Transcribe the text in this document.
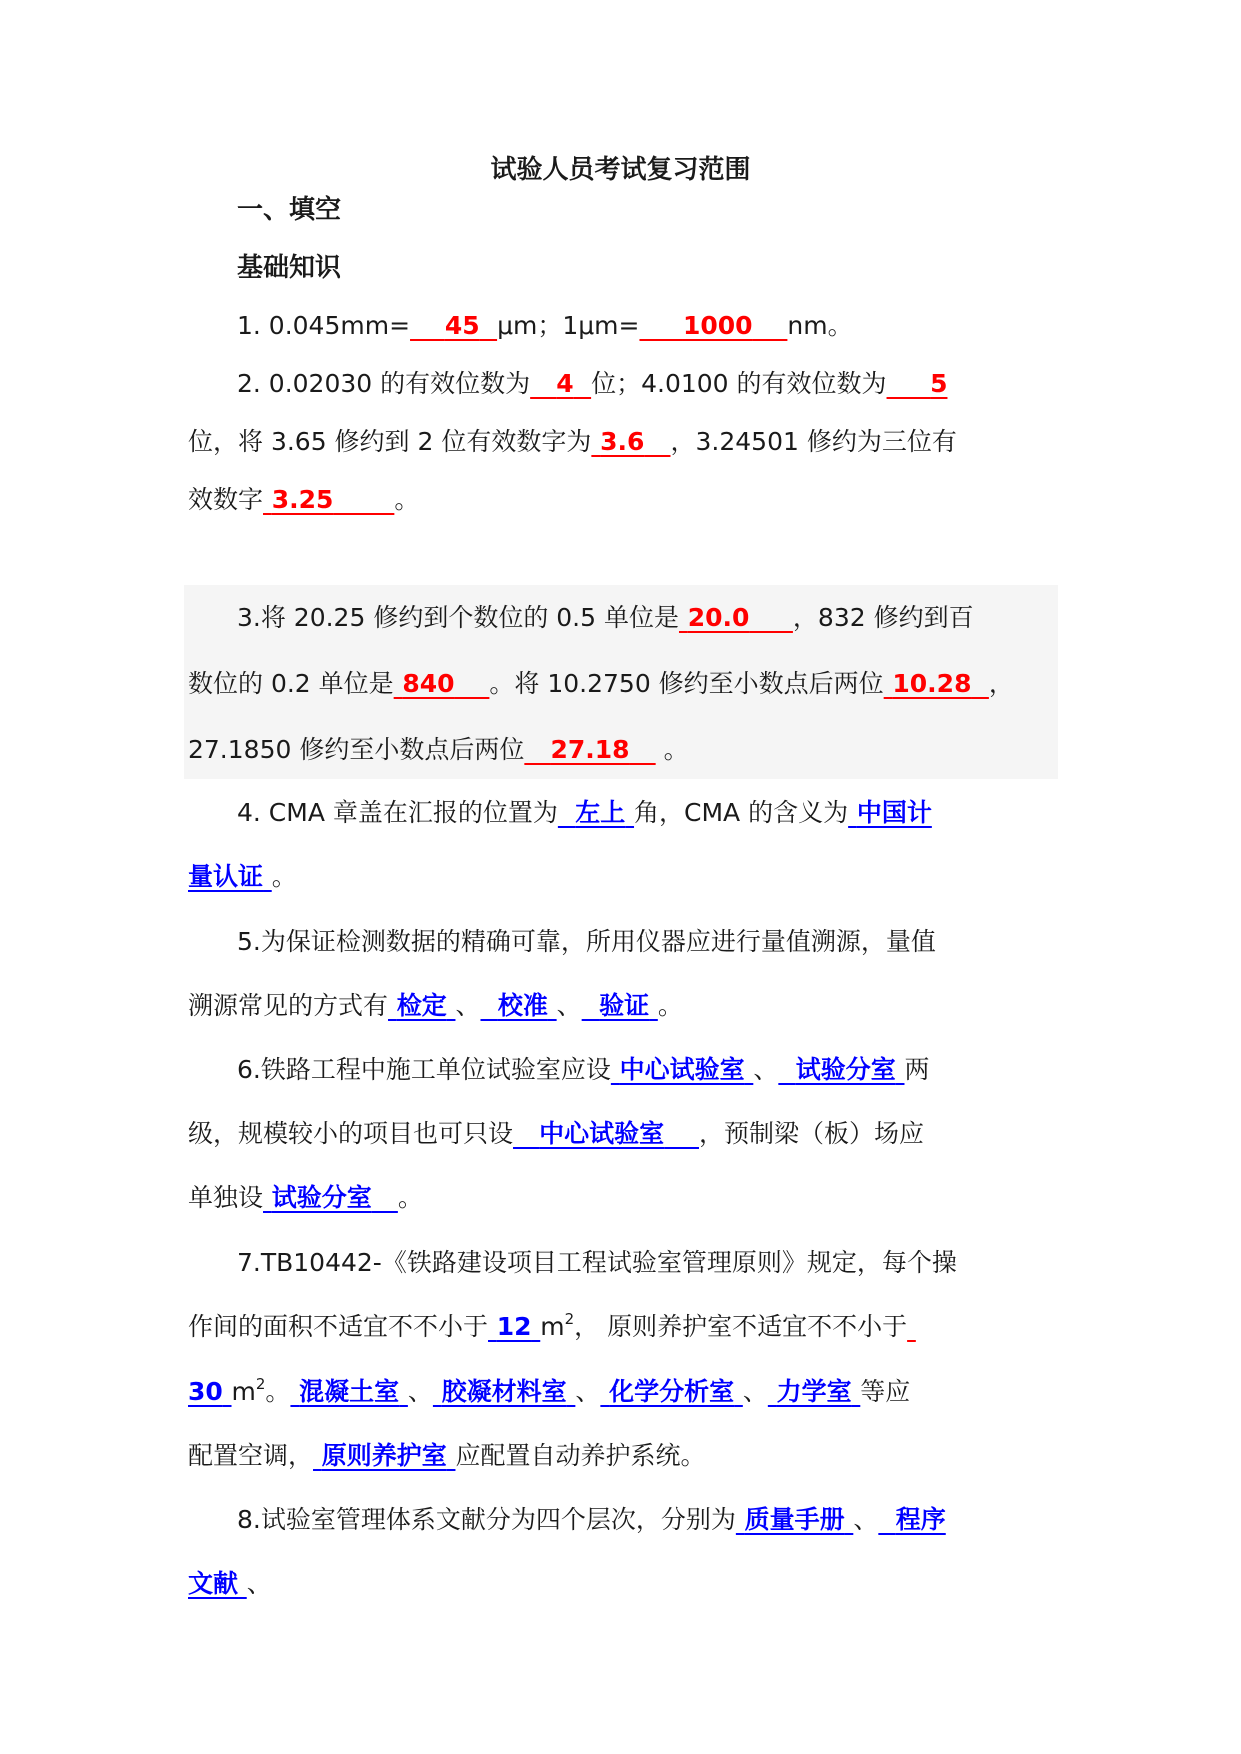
试验人员考试复习范围
一、填空
基础知识
1. 0.045mm= 45 μm；1μm= 1000 nm。
2. 0.02030 的有效位数为 4 位；4.0100 的有效位数为 5
位，将 3.65 修约到 2 位有效数字为 3.6 ，3.24501 修约为三位有
效数字 3.25 。
3.将 20.25 修约到个数位的 0.5 单位是 20.0 ，832 修约到百
数位的 0.2 单位是 840 。将 10.2750 修约至小数点后两位 10.28 ，
27.1850 修约至小数点后两位 27.18 。
4. CMA 章盖在汇报的位置为 左上 角，CMA 的含义为 中国计
量认证 。
5.为保证检测数据的精确可靠，所用仪器应进行量值溯源，量值
溯源常见的方式有 检定 、 校准 、 验证 。
6.铁路工程中施工单位试验室应设 中心试验室 、 试验分室 两
级，规模较小的项目也可只设 中心试验室 ，预制梁（板）场应
单独设 试验分室 。
7.TB10442-《铁路建设项目工程试验室管理原则》规定，每个操
作间的面积不适宜不不小于 12 $m^2$， 原则养护室不适宜不不小于
30 $m^2$。 混凝土室 、 胶凝材料室 、 化学分析室 、 力学室 等应
配置空调， 原则养护室 应配置自动养护系统。
8.试验室管理体系文献分为四个层次，分别为 质量手册 、 程序
文献 、
